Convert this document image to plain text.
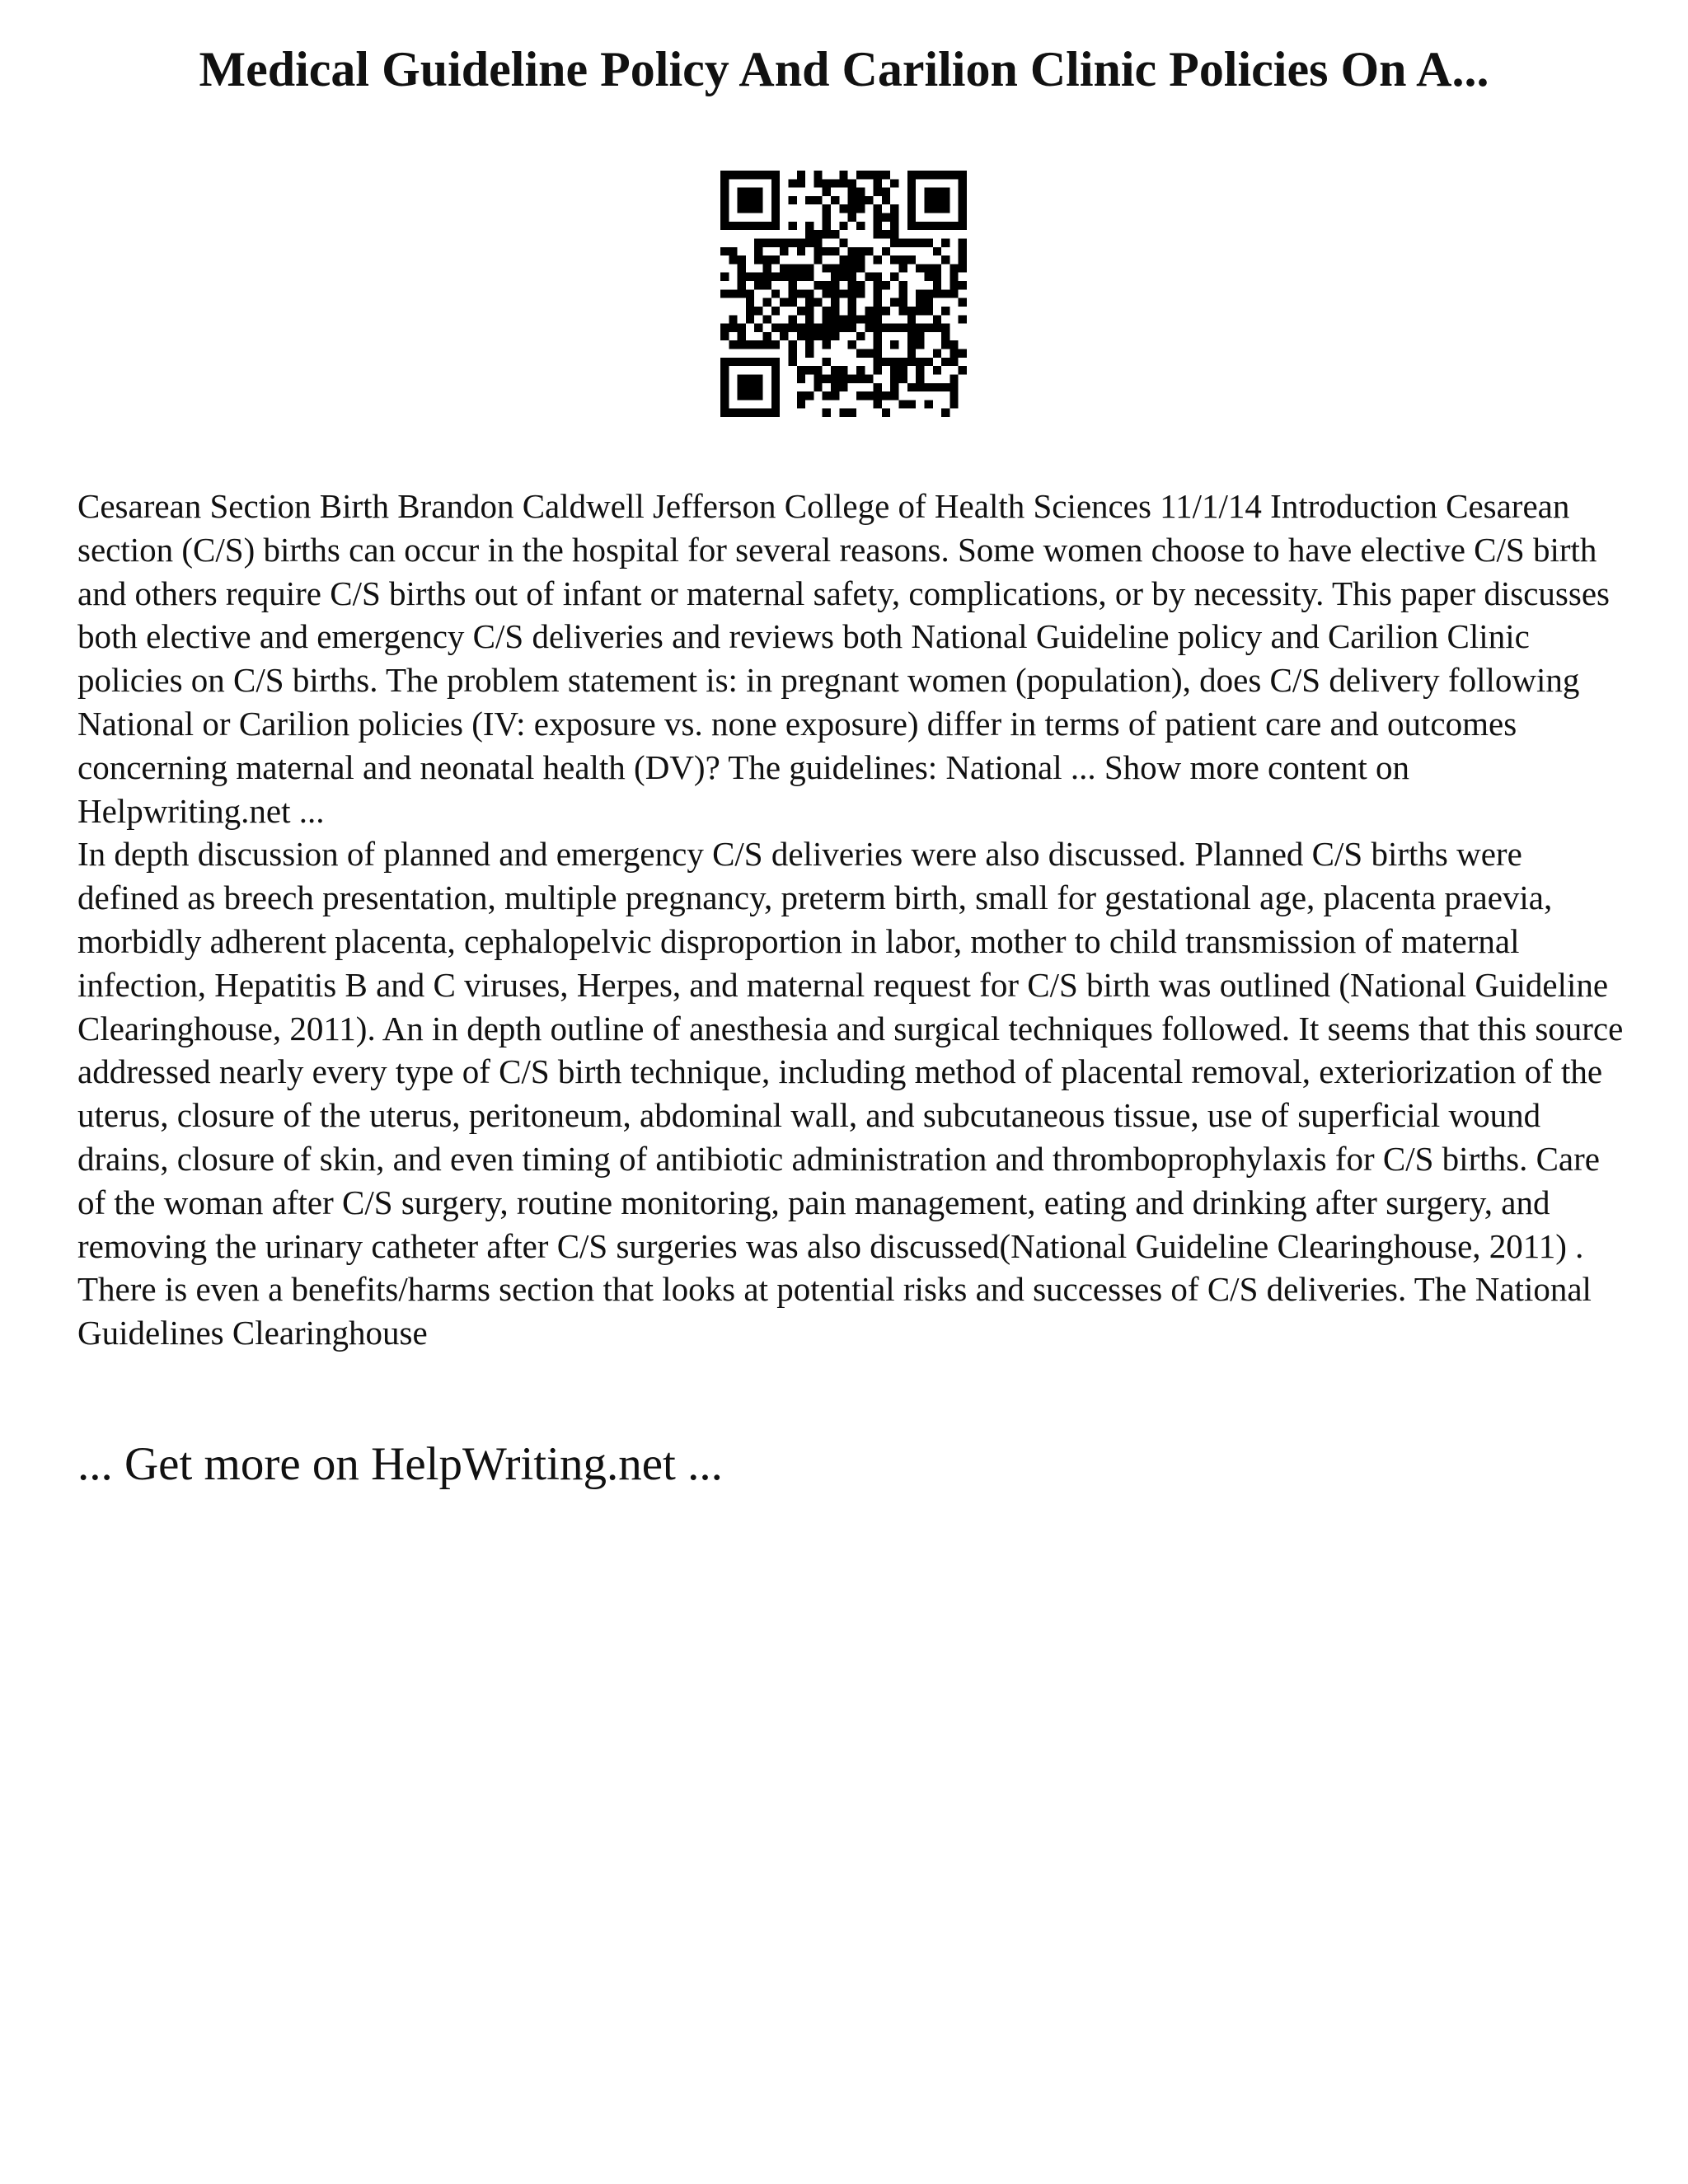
Medical Guideline Policy And Carilion Clinic Policies On A...

Cesarean Section Birth Brandon Caldwell Jefferson College of Health Sciences 11/1/14 Introduction Cesarean section (C/S) births can occur in the hospital for several reasons. Some women choose to have elective C/S birth and others require C/S births out of infant or maternal safety, complications, or by necessity. This paper discusses both elective and emergency C/S deliveries and reviews both National Guideline policy and Carilion Clinic policies on C/S births. The problem statement is: in pregnant women (population), does C/S delivery following National or Carilion policies (IV: exposure vs. none exposure) differ in terms of patient care and outcomes concerning maternal and neonatal health (DV)? The guidelines: National ... Show more content on Helpwriting.net ...

In depth discussion of planned and emergency C/S deliveries were also discussed. Planned C/S births were defined as breech presentation, multiple pregnancy, preterm birth, small for gestational age, placenta praevia, morbidly adherent placenta, cephalopelvic disproportion in labor, mother to child transmission of maternal infection, Hepatitis B and C viruses, Herpes, and maternal request for C/S birth was outlined (National Guideline Clearinghouse, 2011). An in depth outline of anesthesia and surgical techniques followed. It seems that this source addressed nearly every type of C/S birth technique, including method of placental removal, exteriorization of the uterus, closure of the uterus, peritoneum, abdominal wall, and subcutaneous tissue, use of superficial wound drains, closure of skin, and even timing of antibiotic administration and thromboprophylaxis for C/S births. Care of the woman after C/S surgery, routine monitoring, pain management, eating and drinking after surgery, and removing the urinary catheter after C/S surgeries was also discussed(National Guideline Clearinghouse, 2011) . There is even a benefits/harms section that looks at potential risks and successes of C/S deliveries. The National Guidelines Clearinghouse

... Get more on HelpWriting.net ...
